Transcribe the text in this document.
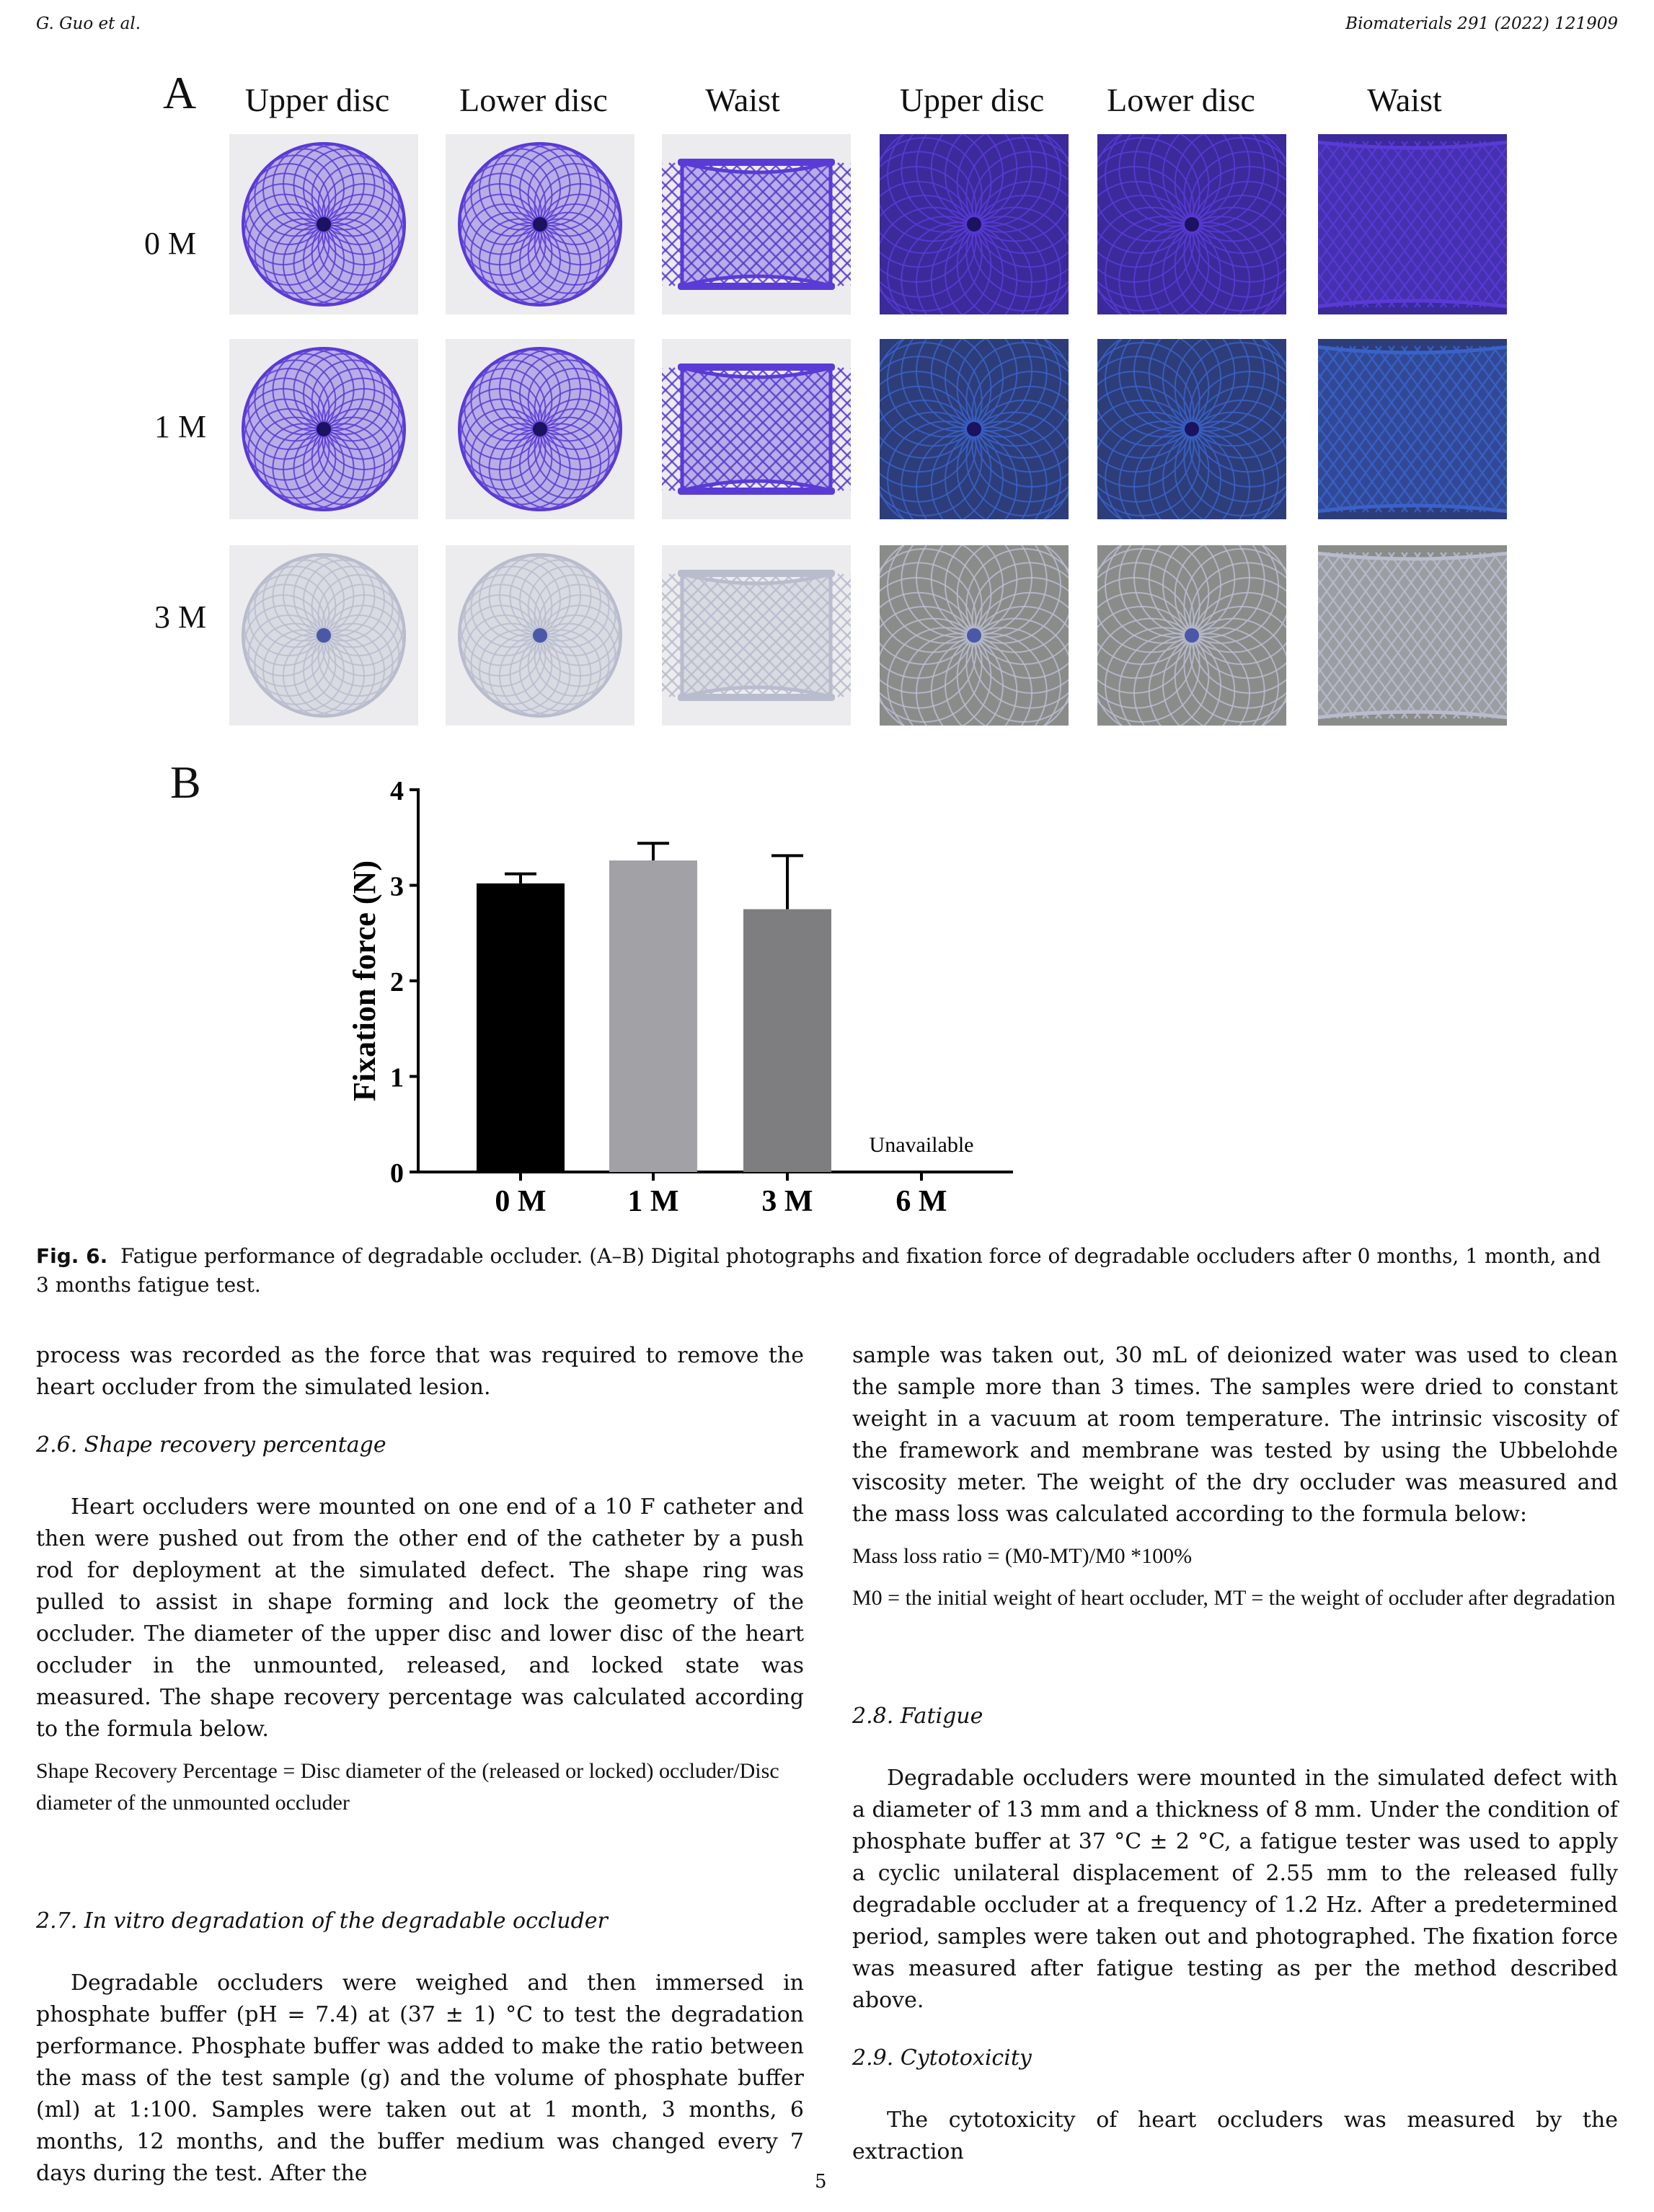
G. Guo et al.	Biomaterials 291 (2022) 121909
A	Upper disc	Lower disc	Waist	Upper disc	Lower disc	Waist
0 M
1 M
3 M
B
0
1
2
3
4
Fixation force (N)
0 M	1 M	3 M
Unavailable
6 M
Fig. 6. Fatigue performance of degradable occluder. (A–B) Digital photographs and fixation force of degradable occluders after 0 months, 1 month, and 3 months fatigue test.

process was recorded as the force that was required to remove the heart occluder from the simulated lesion.

2.6. Shape recovery percentage

Heart occluders were mounted on one end of a 10 F catheter and then were pushed out from the other end of the catheter by a push rod for deployment at the simulated defect. The shape ring was pulled to assist in shape forming and lock the geometry of the occluder. The diameter of the upper disc and lower disc of the heart occluder in the unmounted, released, and locked state was measured. The shape recovery percentage was calculated according to the formula below.

Shape Recovery Percentage = Disc diameter of the (released or locked) occluder/Disc diameter of the unmounted occluder
2.7. In vitro degradation of the degradable occluder

Degradable occluders were weighed and then immersed in phosphate buffer (pH = 7.4) at (37 ± 1) °C to test the degradation performance. Phosphate buffer was added to make the ratio between the mass of the test sample (g) and the volume of phosphate buffer (ml) at 1:100. Samples were taken out at 1 month, 3 months, 6 months, 12 months, and the buffer medium was changed every 7 days during the test. After the

sample was taken out, 30 mL of deionized water was used to clean the sample more than 3 times. The samples were dried to constant weight in a vacuum at room temperature. The intrinsic viscosity of the framework and membrane was tested by using the Ubbelohde viscosity meter. The weight of the dry occluder was measured and the mass loss was calculated according to the formula below:

Mass loss ratio = (M0-MT)/M0 *100%
M0 = the initial weight of heart occluder, MT = the weight of occluder after degradation
2.8. Fatigue

Degradable occluders were mounted in the simulated defect with a diameter of 13 mm and a thickness of 8 mm. Under the condition of phosphate buffer at 37 °C ± 2 °C, a fatigue tester was used to apply a cyclic unilateral displacement of 2.55 mm to the released fully degradable occluder at a frequency of 1.2 Hz. After a predetermined period, samples were taken out and photographed. The fixation force was measured after fatigue testing as per the method described above.

2.9. Cytotoxicity

The cytotoxicity of heart occluders was measured by the extraction

5
